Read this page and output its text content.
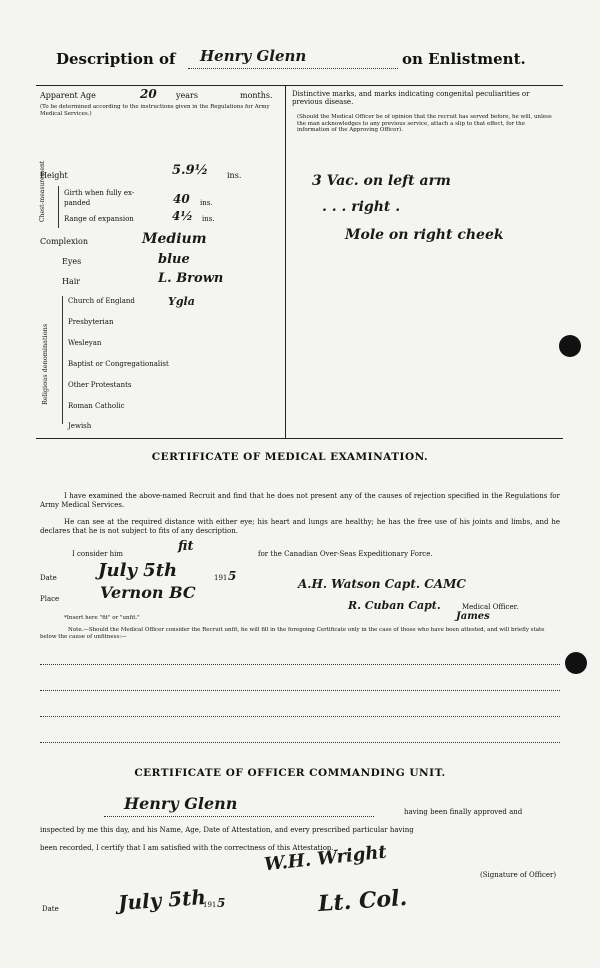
Description of Henry Glenn	on Enlistment.
Apparent Age	20 years	months.
(To be determined according to the instructions given in the Regulations for Army Medical Services.)
Height	5.9½ ins.
Chest-measurement	Girth when fully ex-
panded	40 ins.
Range of expansion	4½ ins.
Complexion	Medium
Eyes	blue
Hair	L. Brown
Religious denominations
Church of England	Ygla
Presbyterian
Wesleyan
Baptist or Congregationalist
Other Protestants
Roman Catholic
Jewish
Distinctive marks, and marks indicating congenital peculiarities or previous disease.
(Should the Medical Officer be of opinion that the recruit has served before, he will, unless the man acknowledges to any previous service, attach a slip to that effect, for the information of the Approving Officer).
3 Vac. on left arm
. . . right .
Mole on right cheek
CERTIFICATE OF MEDICAL EXAMINATION.
I have examined the above-named Recruit and find that he does not present any of the causes of rejection specified in the Regulations for Army Medical Services.
He can see at the required distance with either eye; his heart and lungs are healthy; he has the free use of his joints and limbs, and he declares that he is not subject to fits of any description.
I consider him	fit	for the Canadian Over-Seas Expeditionary Force.
Date July 5th	191 5
Place	Vernon BC	A.H. Watson Capt. CAMC
R. Cuban Capt.
James
Medical Officer.
*Insert here "fit" or "unfit."
Note.—Should the Medical Officer consider the Recruit unfit, he will fill in the foregoing Certificate only in the case of those who have been attested, and will briefly state below the cause of unfitness:—
CERTIFICATE OF OFFICER COMMANDING UNIT.
Henry Glenn	having been finally approved and
inspected by me this day, and his Name, Age, Date of Attestation, and every prescribed particular having
been recorded, I certify that I am satisfied with the correctness of this Attestation.
W.H. Wright	(Signature of Officer)
Lt. Col.
Date	July 5th
191 5
